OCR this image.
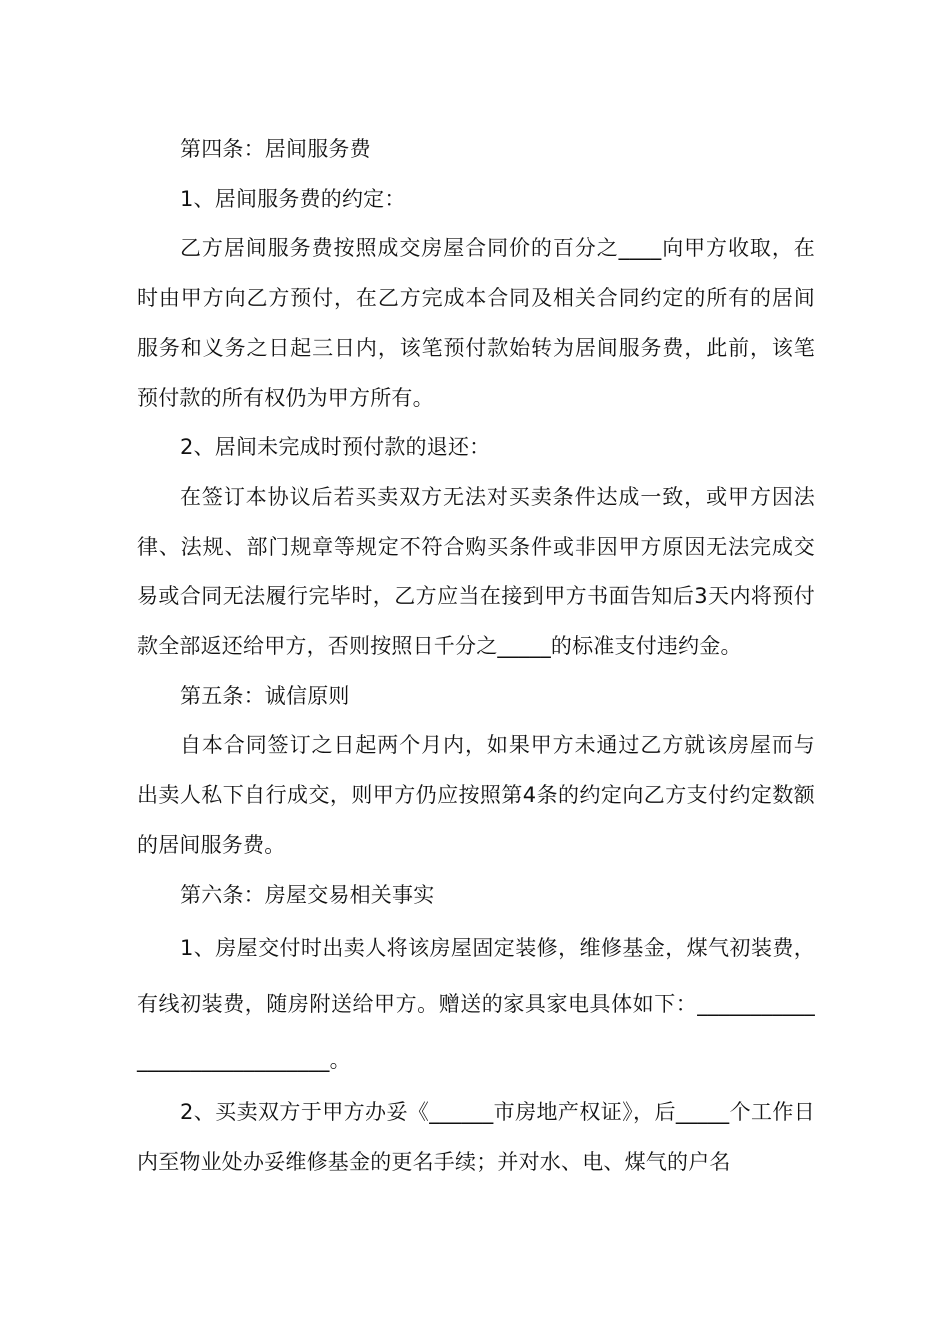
第四条：居间服务费

1、居间服务费的约定：

乙方居间服务费按照成交房屋合同价的百分之____向甲方收取，在时由甲方向乙方预付，在乙方完成本合同及相关合同约定的所有的居间服务和义务之日起三日内，该笔预付款始转为居间服务费，此前，该笔预付款的所有权仍为甲方所有。

2、居间未完成时预付款的退还：

在签订本协议后若买卖双方无法对买卖条件达成一致，或甲方因法律、法规、部门规章等规定不符合购买条件或非因甲方原因无法完成交易或合同无法履行完毕时，乙方应当在接到甲方书面告知后3天内将预付款全部返还给甲方，否则按照日千分之_____的标准支付违约金。

第五条：诚信原则

自本合同签订之日起两个月内，如果甲方未通过乙方就该房屋而与出卖人私下自行成交，则甲方仍应按照第4条的约定向乙方支付约定数额的居间服务费。

第六条：房屋交易相关事实

1、房屋交付时出卖人将该房屋固定装修，维修基金，煤气初装费，有线初装费，随房附送给甲方。赠送的家具家电具体如下：_____________________________。

2、买卖双方于甲方办妥《______市房地产权证》，后_____个工作日内至物业处办妥维修基金的更名手续；并对水、电、煤气的户名
